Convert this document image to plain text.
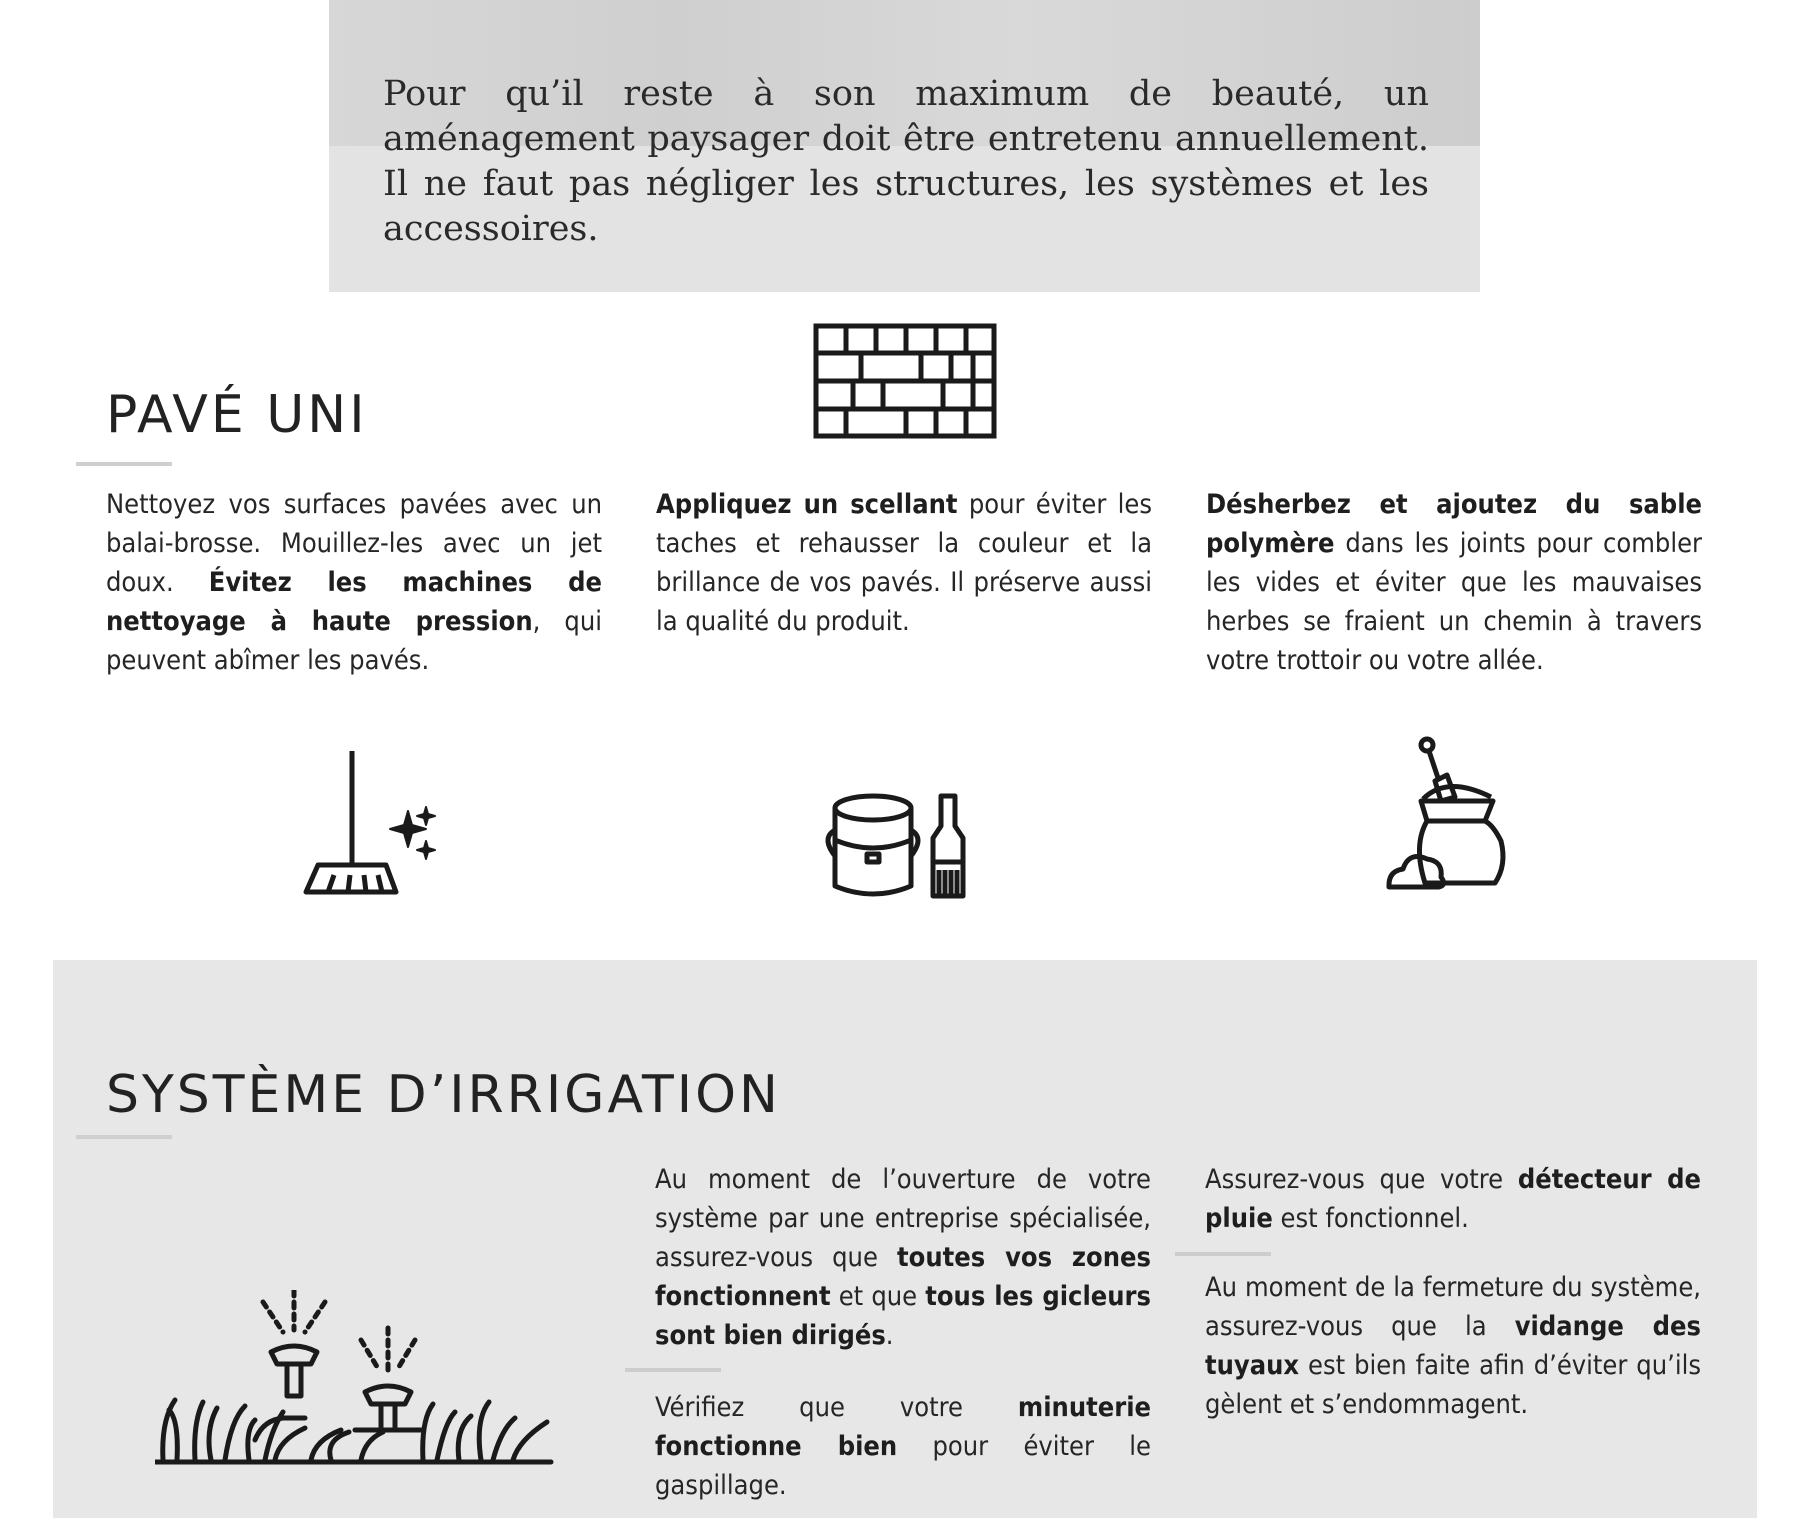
Pour qu’il reste à son maximum de beauté, un aménagement paysager doit être entretenu annuellement. Il ne faut pas négliger les structures, les systèmes et les accessoires.

PAVÉ UNI

Nettoyez vos surfaces pavées avec un balai-brosse. Mouillez-les avec un jet doux. Évitez les machines de nettoyage à haute pression, qui peuvent abîmer les pavés.

Appliquez un scellant pour éviter les taches et rehausser la couleur et la brillance de vos pavés. Il préserve aussi la qualité du produit.

Désherbez et ajoutez du sable polymère dans les joints pour combler les vides et éviter que les mauvaises herbes se fraient un chemin à travers votre trottoir ou votre allée.

SYSTÈME D’IRRIGATION

Au moment de l’ouverture de votre système par une entreprise spécialisée, assurez-vous que toutes vos zones fonctionnent et que tous les gicleurs sont bien dirigés.

Vérifiez que votre minuterie fonctionne bien pour éviter le gaspillage.

Assurez-vous que votre détecteur de pluie est fonctionnel.

Au moment de la fermeture du système, assurez-vous que la vidange des tuyaux est bien faite afin d’éviter qu’ils gèlent et s’endommagent.
